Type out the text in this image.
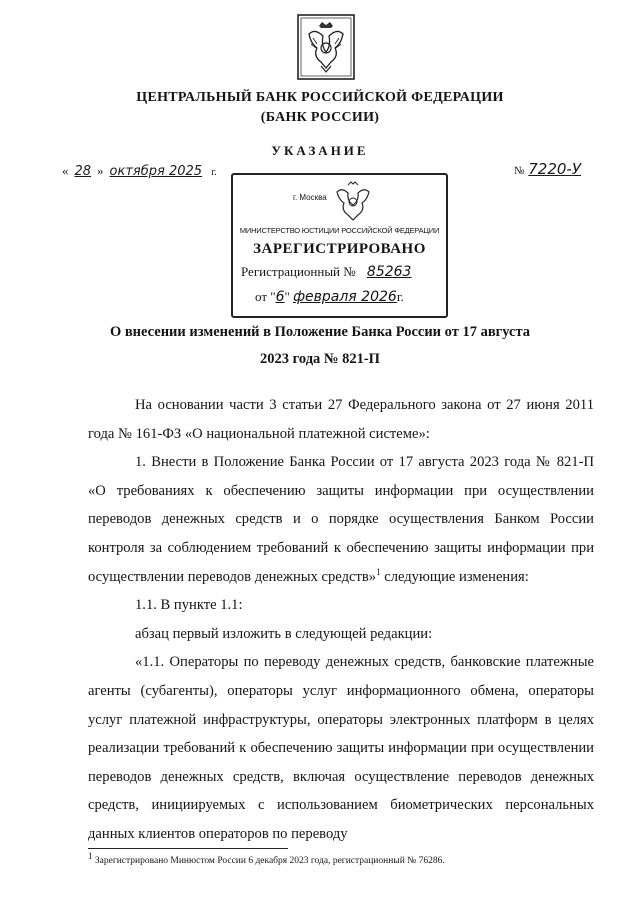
ЦЕНТРАЛЬНЫЙ БАНК РОССИЙСКОЙ ФЕДЕРАЦИИ
(БАНК РОССИИ)
УКАЗАНИЕ
« 28 » октября 2025 г.	№ 7220-У
г. Москва
МИНИСТЕРСТВО ЮСТИЦИИ РОССИЙСКОЙ ФЕДЕРАЦИИ
ЗАРЕГИСТРИРОВАНО
Регистрационный № 85263
от "6" февраля 2026г.
О внесении изменений в Положение Банка России от 17 августа
2023 года № 821-П

На основании части 3 статьи 27 Федерального закона от 27 июня 2011 года № 161-ФЗ «О национальной платежной системе»:

1. Внести в Положение Банка России от 17 августа 2023 года № 821-П «О требованиях к обеспечению защиты информации при осуществлении переводов денежных средств и о порядке осуществления Банком России контроля за соблюдением требований к обеспечению защиты информации при осуществлении переводов денежных средств»$^1$ следующие изменения:

1.1. В пункте 1.1:

абзац первый изложить в следующей редакции:

«1.1. Операторы по переводу денежных средств, банковские платежные агенты (субагенты), операторы услуг информационного обмена, операторы услуг платежной инфраструктуры, операторы электронных платформ в целях реализации требований к обеспечению защиты информации при осуществлении переводов денежных средств, включая осуществление переводов денежных средств, инициируемых с использованием биометрических персональных данных клиентов операторов по переводу

$^1$ Зарегистрировано Минюстом России 6 декабря 2023 года, регистрационный № 76286.
